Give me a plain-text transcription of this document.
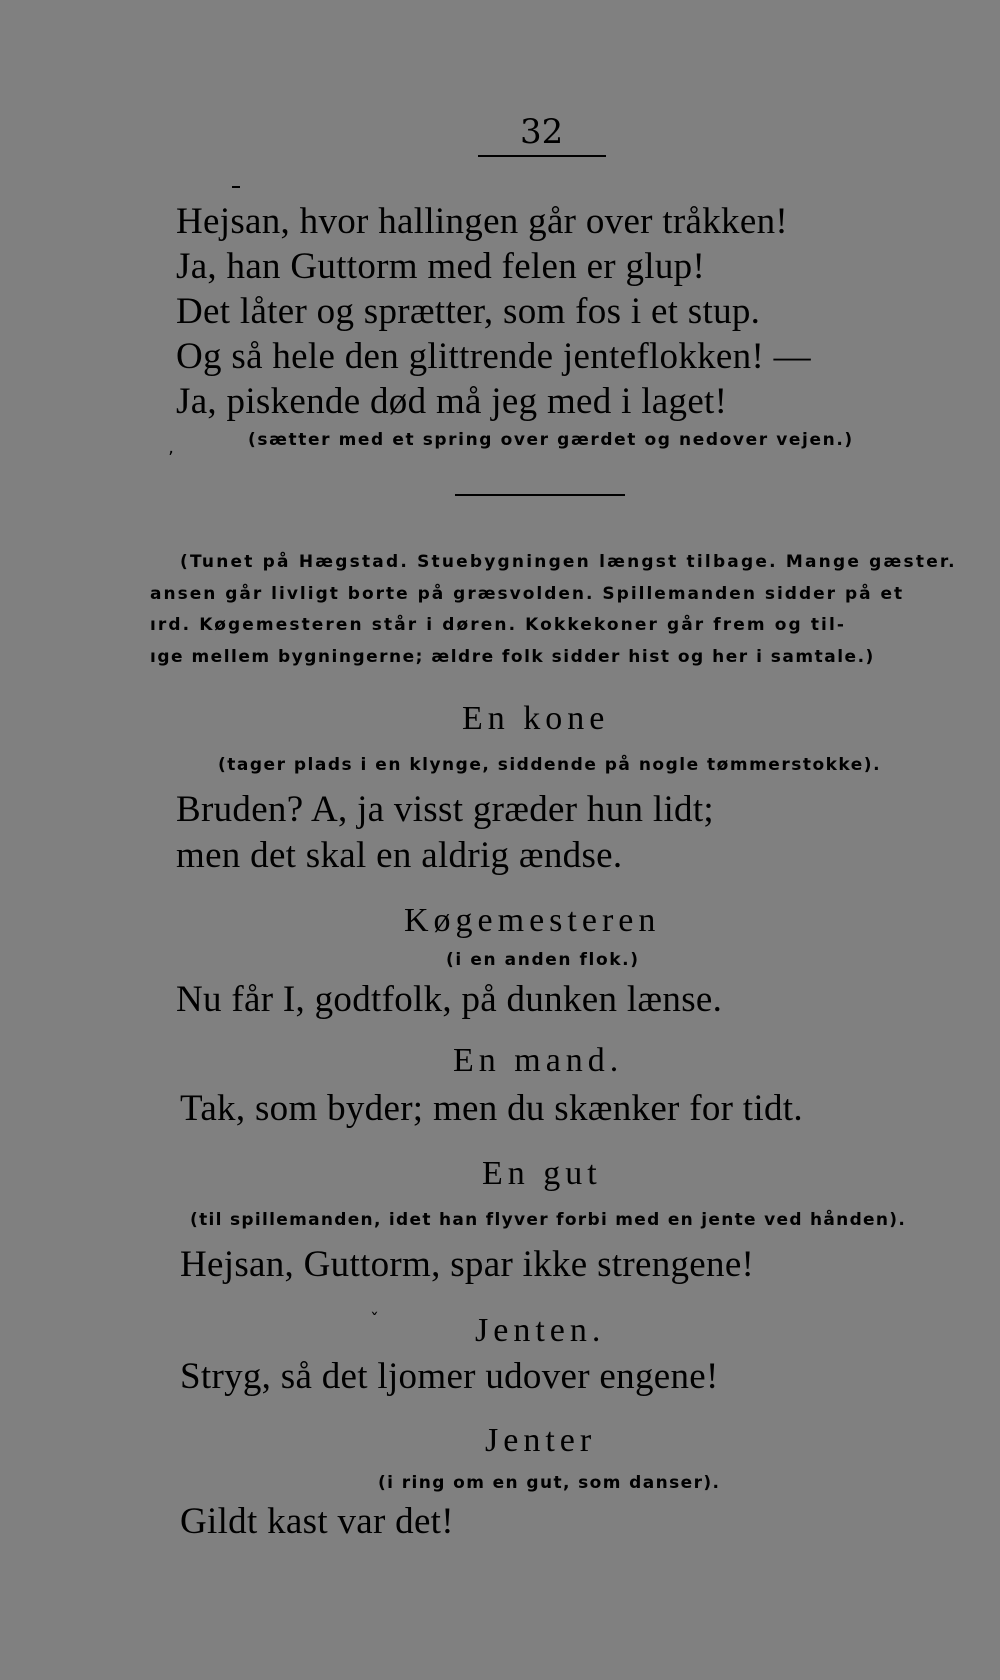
32
Hejsan, hvor hallingen går over tråkken!
Ja, han Guttorm med felen er glup!
Det låter og sprætter, som fos i et stup.
Og så hele den glittrende jenteflokken! —
Ja, piskende død må jeg med i laget!
(sætter med et spring over gærdet og nedover vejen.)
ʼ
(Tunet på Hægstad. Stuebygningen længst tilbage. Mange gæster.
ansen går livligt borte på græsvolden. Spillemanden sidder på et
ırd. Køgemesteren står i døren. Kokkekoner går frem og til-
ıge mellem bygningerne; ældre folk sidder hist og her i samtale.)
En kone
(tager plads i en klynge, siddende på nogle tømmerstokke).
Bruden? A, ja visst græder hun lidt;
men det skal en aldrig ændse.
Køgemesteren
(i en anden flok.)
Nu får I, godtfolk, på dunken lænse.
En mand.
Tak, som byder; men du skænker for tidt.
En gut
(til spillemanden, idet han flyver forbi med en jente ved hånden).
Hejsan, Guttorm, spar ikke strengene!
ˇ	Jenten.
Stryg, så det ljomer udover engene!
Jenter
(i ring om en gut, som danser).
Gildt kast var det!
